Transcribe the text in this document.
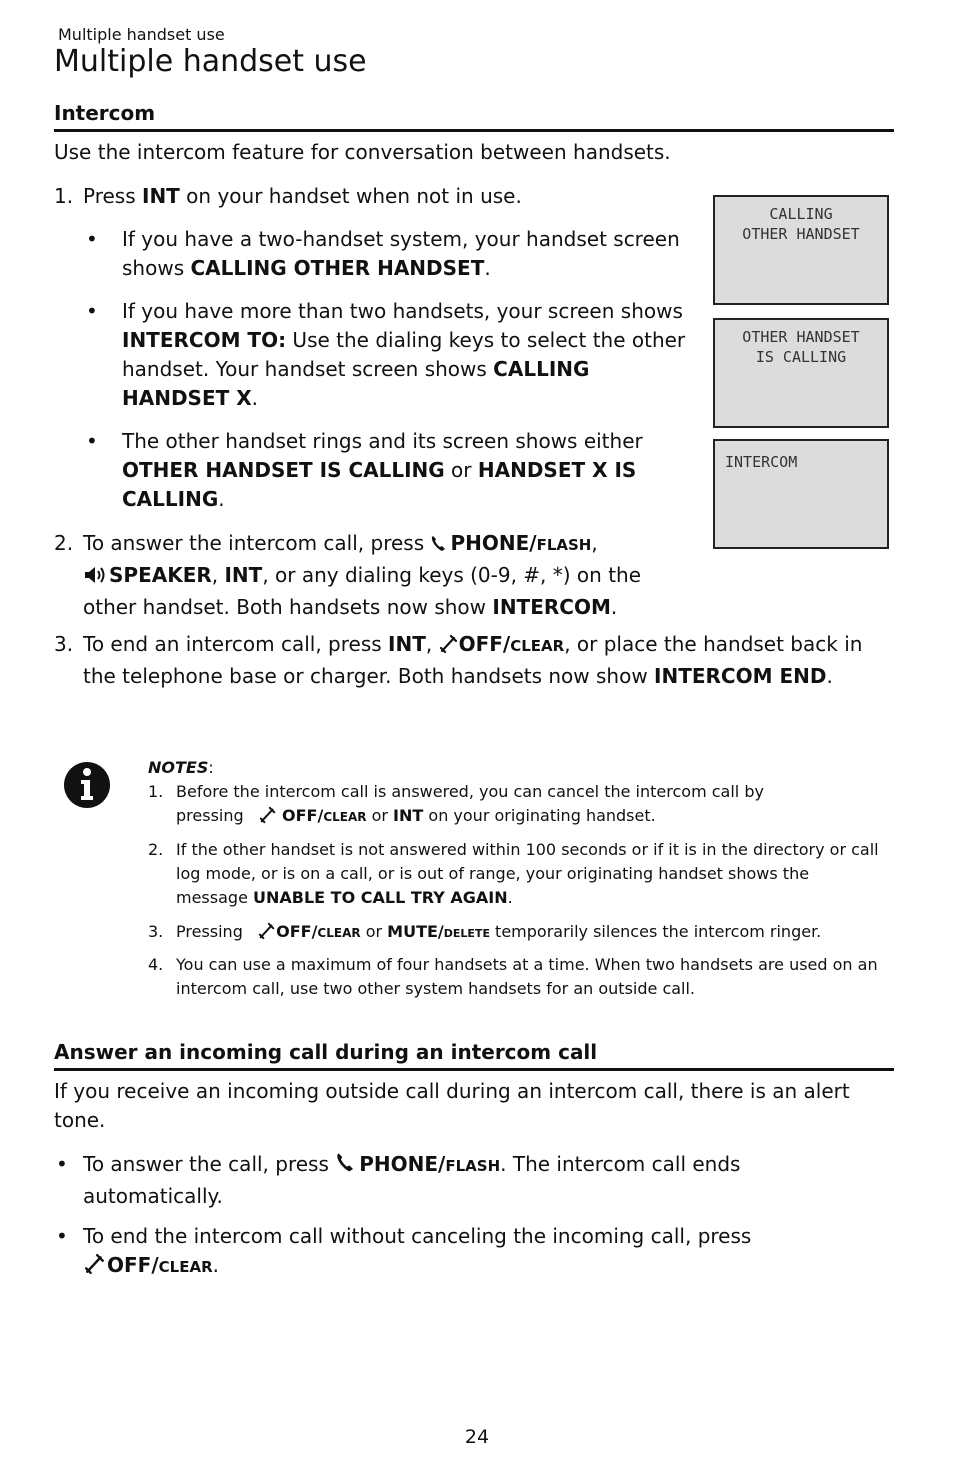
Multiple handset use
Multiple handset use
Intercom
Use the intercom feature for conversation between handsets.
1. Press INT on your handset when not in use.
• If you have a two-handset system, your handset screen shows CALLING OTHER HANDSET.
• If you have more than two handsets, your screen shows INTERCOM TO: Use the dialing keys to select the other handset. Your handset screen shows CALLING HANDSET X.
• The other handset rings and its screen shows either OTHER HANDSET IS CALLING or HANDSET X IS CALLING.
2. To answer the intercom call, press PHONE/FLASH,
SPEAKER, INT, or any dialing keys (0-9, #, *) on the other handset. Both handsets now show INTERCOM.
3. To end an intercom call, press INT, OFF/CLEAR, or place the handset back in the telephone base or charger. Both handsets now show INTERCOM END.
CALLING
OTHER HANDSET
OTHER HANDSET
IS CALLING
INTERCOM
NOTES:
1. Before the intercom call is answered, you can cancel the intercom call by pressing    OFF/CLEAR or INT on your originating handset.
2. If the other handset is not answered within 100 seconds or if it is in the directory or call log mode, or is on a call, or is out of range, your originating handset shows the message UNABLE TO CALL TRY AGAIN.
3. Pressing   OFF/CLEAR or MUTE/DELETE temporarily silences the intercom ringer.
4. You can use a maximum of four handsets at a time. When two handsets are used on an intercom call, use two other system handsets for an outside call.
Answer an incoming call during an intercom call
If you receive an incoming outside call during an intercom call, there is an alert tone.
• To answer the call, press PHONE/FLASH. The intercom call ends automatically.
• To end the intercom call without canceling the incoming call, press
OFF/CLEAR.
24
